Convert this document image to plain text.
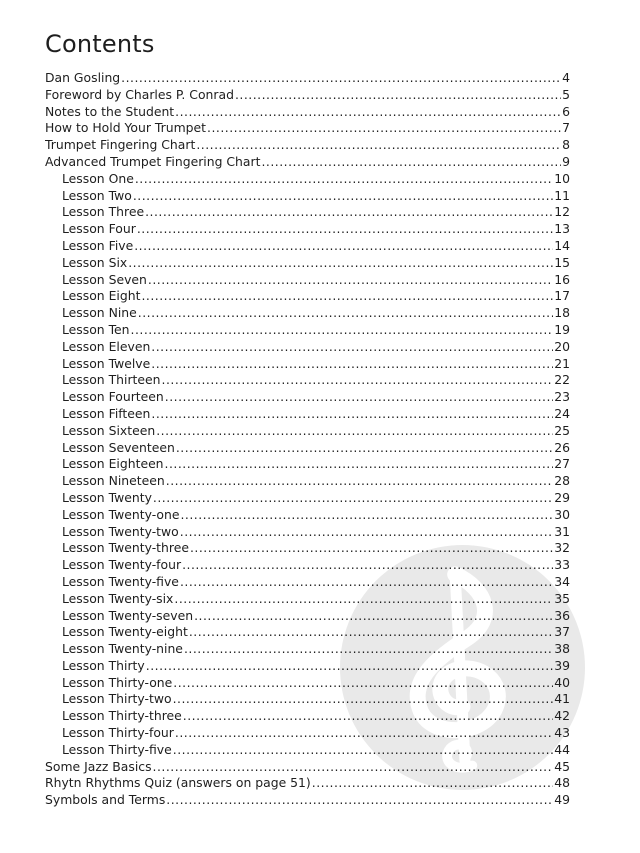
Contents
Dan Gosling .....	4
Foreword by Charles P. Conrad .....	5
Notes to the Student .....	6
How to Hold Your Trumpet .....	7
Trumpet Fingering Chart .....	8
Advanced Trumpet Fingering Chart .....	9
Lesson One .....	10
Lesson Two .....	11
Lesson Three .....	12
Lesson Four .....	13
Lesson Five .....	14
Lesson Six .....	15
Lesson Seven .....	16
Lesson Eight .....	17
Lesson Nine .....	18
Lesson Ten .....	19
Lesson Eleven .....	20
Lesson Twelve .....	21
Lesson Thirteen .....	22
Lesson Fourteen .....	23
Lesson Fifteen .....	24
Lesson Sixteen .....	25
Lesson Seventeen .....	26
Lesson Eighteen .....	27
Lesson Nineteen .....	28
Lesson Twenty .....	29
Lesson Twenty-one .....	30
Lesson Twenty-two .....	31
Lesson Twenty-three .....	32
Lesson Twenty-four .....	33
Lesson Twenty-five .....	34
Lesson Twenty-six .....	35
Lesson Twenty-seven .....	36
Lesson Twenty-eight .....	37
Lesson Twenty-nine .....	38
Lesson Thirty .....	39
Lesson Thirty-one .....	40
Lesson Thirty-two .....	41
Lesson Thirty-three .....	42
Lesson Thirty-four .....	43
Lesson Thirty-five .....	44
Some Jazz Basics .....	45
Rhytn Rhythms Quiz (answers on page 51) .....	48
Symbols and Terms .....	49
